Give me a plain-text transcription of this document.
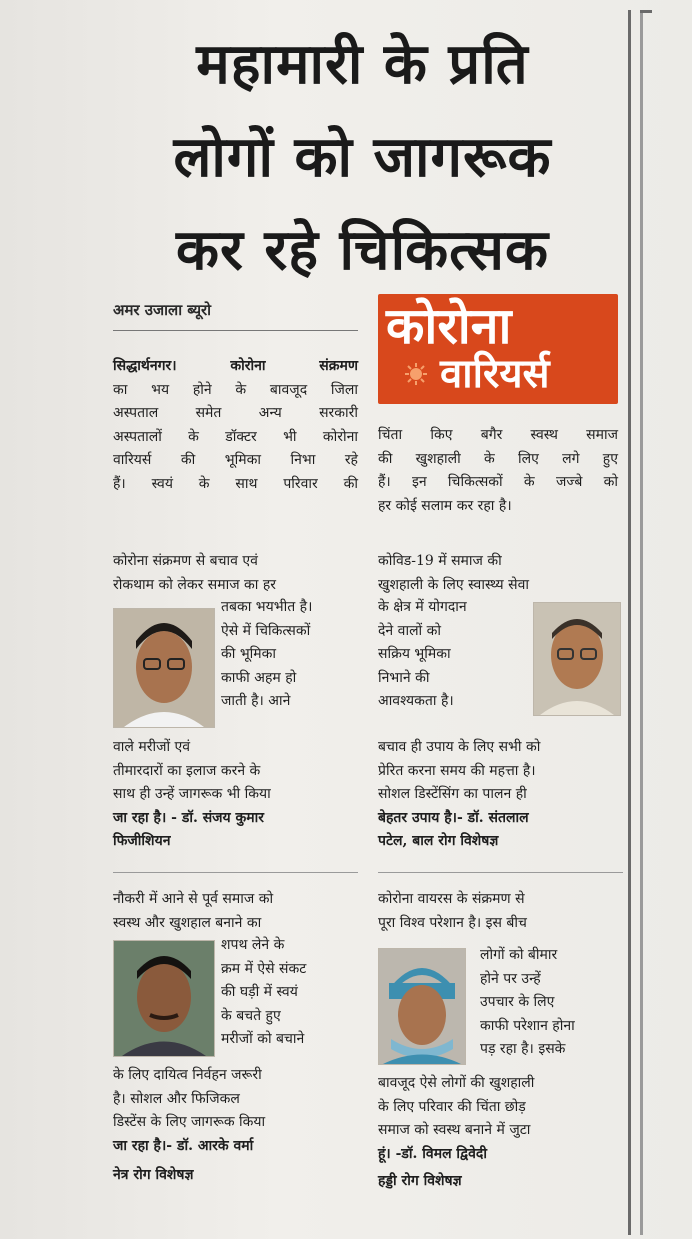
महामारी के प्रति
लोगों को जागरूक
कर रहे चिकित्सक
अमर उजाला ब्यूरो	कोरोना
वारियर्स

सिद्धार्थनगर। कोरोना संक्रमण

का भय होने के बावजूद जिला

अस्पताल समेत अन्य सरकारी

अस्पतालों के डॉक्टर भी कोरोना

वारियर्स की भूमिका निभा रहे

हैं। स्वयं के साथ परिवार की

चिंता किए बगैर स्वस्थ समाज

की खुशहाली के लिए लगे हुए

हैं। इन चिकित्सकों के जज्बे को

हर कोई सलाम कर रहा है।

कोरोना संक्रमण से बचाव एवं

रोकथाम को लेकर समाज का हर

तबका भयभीत है।

ऐसे में चिकित्सकों

की भूमिका

काफी अहम हो

जाती है। आने

वाले मरीजों एवं

तीमारदारों का इलाज करने के

साथ ही उन्हें जागरूक भी किया

जा रहा है। - डॉ. संजय कुमार

फिजीशियन

कोविड-19 में समाज की

खुशहाली के लिए स्वास्थ्य सेवा

के क्षेत्र में योगदान

देने वालों को

सक्रिय भूमिका

निभाने की

आवश्यकता है।

बचाव ही उपाय के लिए सभी को

प्रेरित करना समय की महत्ता है।

सोशल डिस्टेंसिंग का पालन ही

बेहतर उपाय है।- डॉ. संतलाल

पटेल, बाल रोग विशेषज्ञ

नौकरी में आने से पूर्व समाज को

स्वस्थ और खुशहाल बनाने का

शपथ लेने के

क्रम में ऐसे संकट

की घड़ी में स्वयं

के बचते हुए

मरीजों को बचाने

के लिए दायित्व निर्वहन जरूरी

है। सोशल और फिजिकल

डिस्टेंस के लिए जागरूक किया

जा रहा है।- डॉ. आरके वर्मा

नेत्र रोग विशेषज्ञ

कोरोना वायरस के संक्रमण से

पूरा विश्व परेशान है। इस बीच

लोगों को बीमार

होने पर उन्हें

उपचार के लिए

काफी परेशान होना

पड़ रहा है। इसके

बावजूद ऐसे लोगों की खुशहाली

के लिए परिवार की चिंता छोड़

समाज को स्वस्थ बनाने में जुटा

हूं। -डॉ. विमल द्विवेदी

हड्डी रोग विशेषज्ञ
